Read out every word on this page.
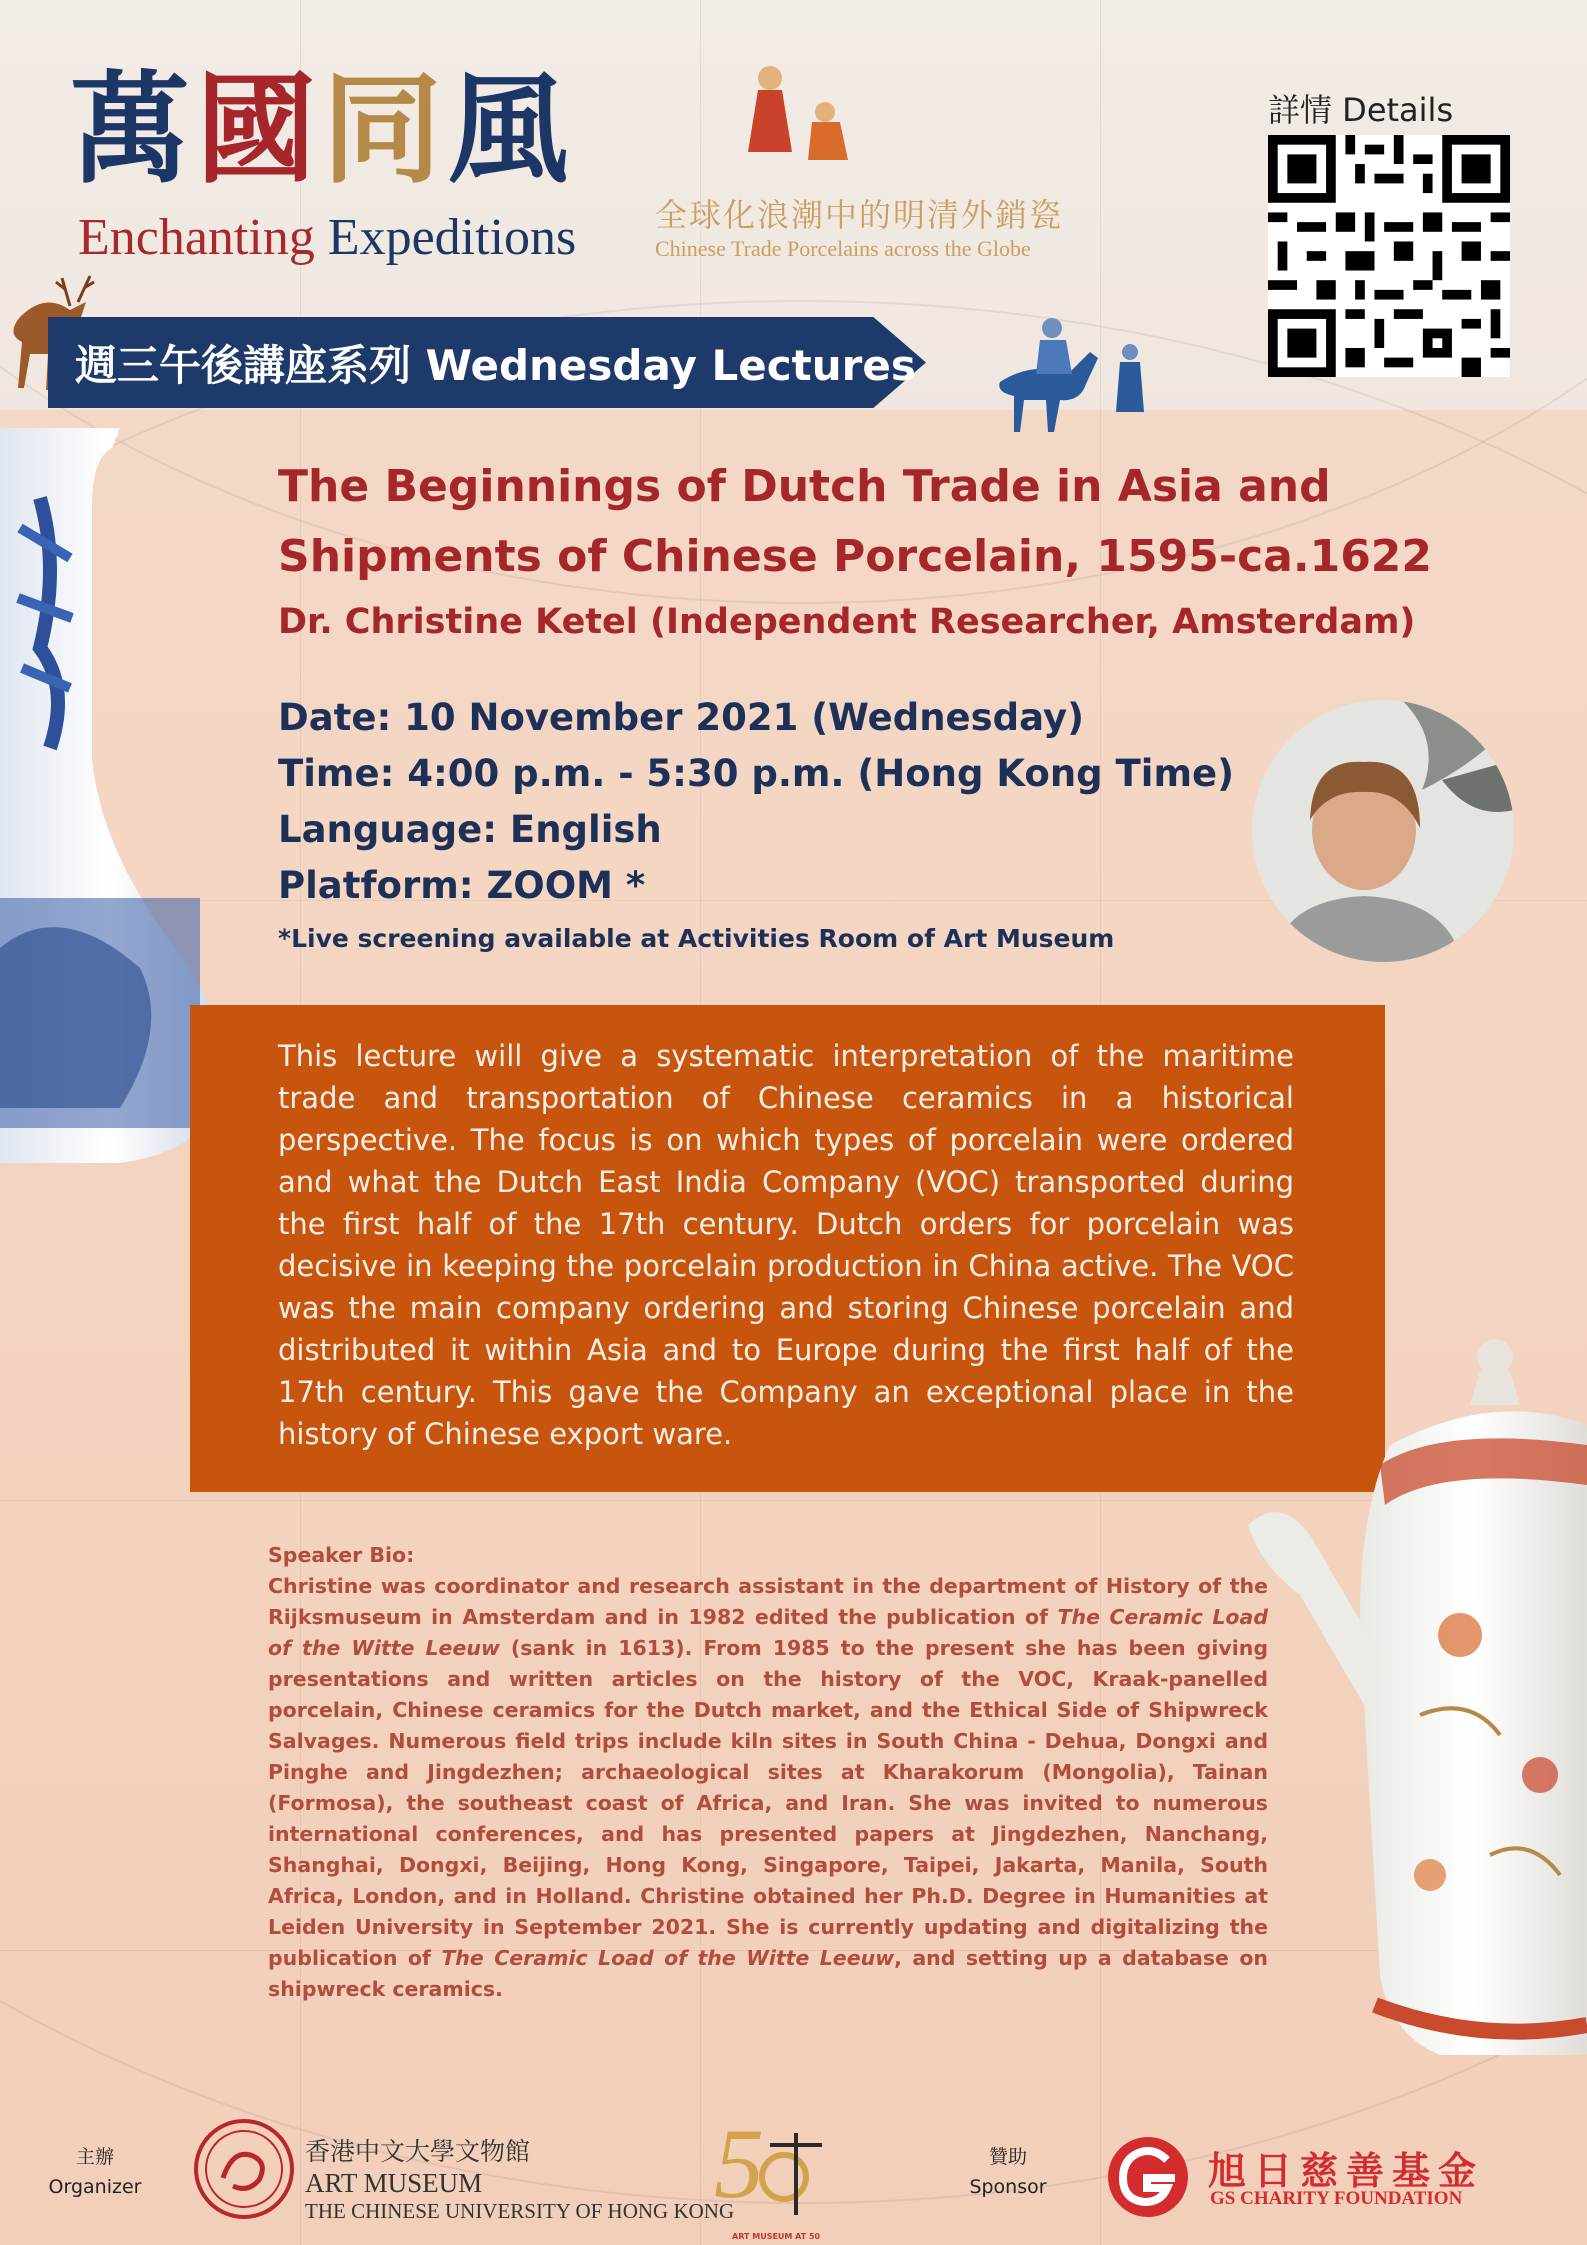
萬國同風
Enchanting Expeditions 全球化浪潮中的明清外銷瓷
Chinese Trade Porcelains across the Globe
詳情 Details
週三午後講座系列 Wednesday Lectures
The Beginnings of Dutch Trade in Asia and Shipments of Chinese Porcelain, 1595-ca.1622
Dr. Christine Ketel (Independent Researcher, Amsterdam)
Date: 10 November 2021 (Wednesday)
Time: 4:00 p.m. - 5:30 p.m. (Hong Kong Time)
Language: English
Platform: ZOOM *
*Live screening available at Activities Room of Art Museum
This lecture will give a systematic interpretation of the maritime trade and transportation of Chinese ceramics in a historical perspective. The focus is on which types of porcelain were ordered and what the Dutch East India Company (VOC) transported during the first half of the 17th century. Dutch orders for porcelain was decisive in keeping the porcelain production in China active. The VOC was the main company ordering and storing Chinese porcelain and distributed it within Asia and to Europe during the first half of the 17th century. This gave the Company an exceptional place in the history of Chinese export ware.
Speaker Bio:
Christine was coordinator and research assistant in the department of History of the Rijksmuseum in Amsterdam and in 1982 edited the publication of The Ceramic Load of the Witte Leeuw (sank in 1613). From 1985 to the present she has been giving presentations and written articles on the history of the VOC, Kraak-panelled porcelain, Chinese ceramics for the Dutch market, and the Ethical Side of Shipwreck Salvages. Numerous field trips include kiln sites in South China - Dehua, Dongxi and Pinghe and Jingdezhen; archaeological sites at Kharakorum (Mongolia), Tainan (Formosa), the southeast coast of Africa, and Iran. She was invited to numerous international conferences, and has presented papers at Jingdezhen, Nanchang, Shanghai, Dongxi, Beijing, Hong Kong, Singapore, Taipei, Jakarta, Manila, South Africa, London, and in Holland. Christine obtained her Ph.D. Degree in Humanities at Leiden University in September 2021. She is currently updating and digitalizing the publication of The Ceramic Load of the Witte Leeuw, and setting up a database on shipwreck ceramics.
主辦
Organizer
香港中文大學文物館
ART MUSEUM
THE CHINESE UNIVERSITY OF HONG KONG
5
ART MUSEUM AT 50
贊助
Sponsor	旭日慈善基金
GS CHARITY FOUNDATION
